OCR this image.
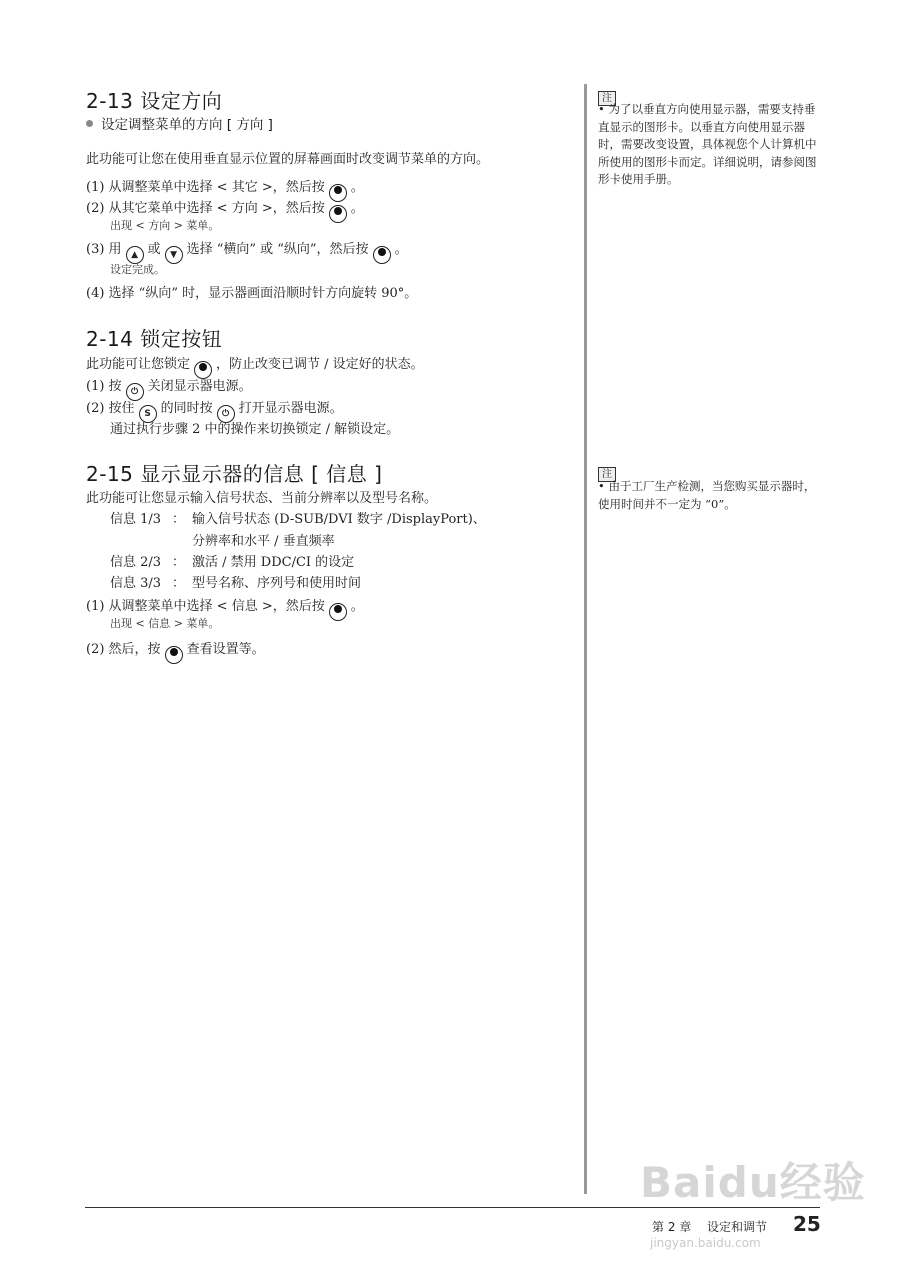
2-13 设定方向
设定调整菜单的方向 [ 方向 ]
此功能可让您在使用垂直显示位置的屏幕画面时改变调节菜单的方向。
(1) 从调整菜单中选择 < 其它 >，然后按 。
(2) 从其它菜单中选择 < 方向 >，然后按 。
出现 < 方向 > 菜单。
(3) 用 ▲ 或 ▼ 选择 “横向” 或 “纵向”，然后按 。
设定完成。
(4) 选择 “纵向” 时，显示器画面沿顺时针方向旋转 90°。
2-14 锁定按钮
此功能可让您锁定 ，防止改变已调节 / 设定好的状态。
(1) 按 ⏻ 关闭显示器电源。
(2) 按住 S 的同时按 ⏻ 打开显示器电源。
通过执行步骤 2 中的操作来切换锁定 / 解锁设定。
2-15 显示显示器的信息 [ 信息 ]
此功能可让您显示输入信号状态、当前分辨率以及型号名称。
信息 1/3 ： 输入信号状态 (D-SUB/DVI 数字 /DisplayPort)、
分辨率和水平 / 垂直频率
信息 2/3 ： 激活 / 禁用 DDC/CI 的设定
信息 3/3 ： 型号名称、序列号和使用时间
(1) 从调整菜单中选择 < 信息 >，然后按 。
出现 < 信息 > 菜单。
(2) 然后，按 查看设置等。
注
• 为了以垂直方向使用显示器，需要支持垂直显示的图形卡。以垂直方向使用显示器时，需要改变设置，具体视您个人计算机中所使用的图形卡而定。详细说明，请参阅图形卡使用手册。
注
• 由于工厂生产检测，当您购买显示器时，使用时间并不一定为 “0”。
Baidu经验
第 2 章 设定和调节 25
jingyan.baidu.com
